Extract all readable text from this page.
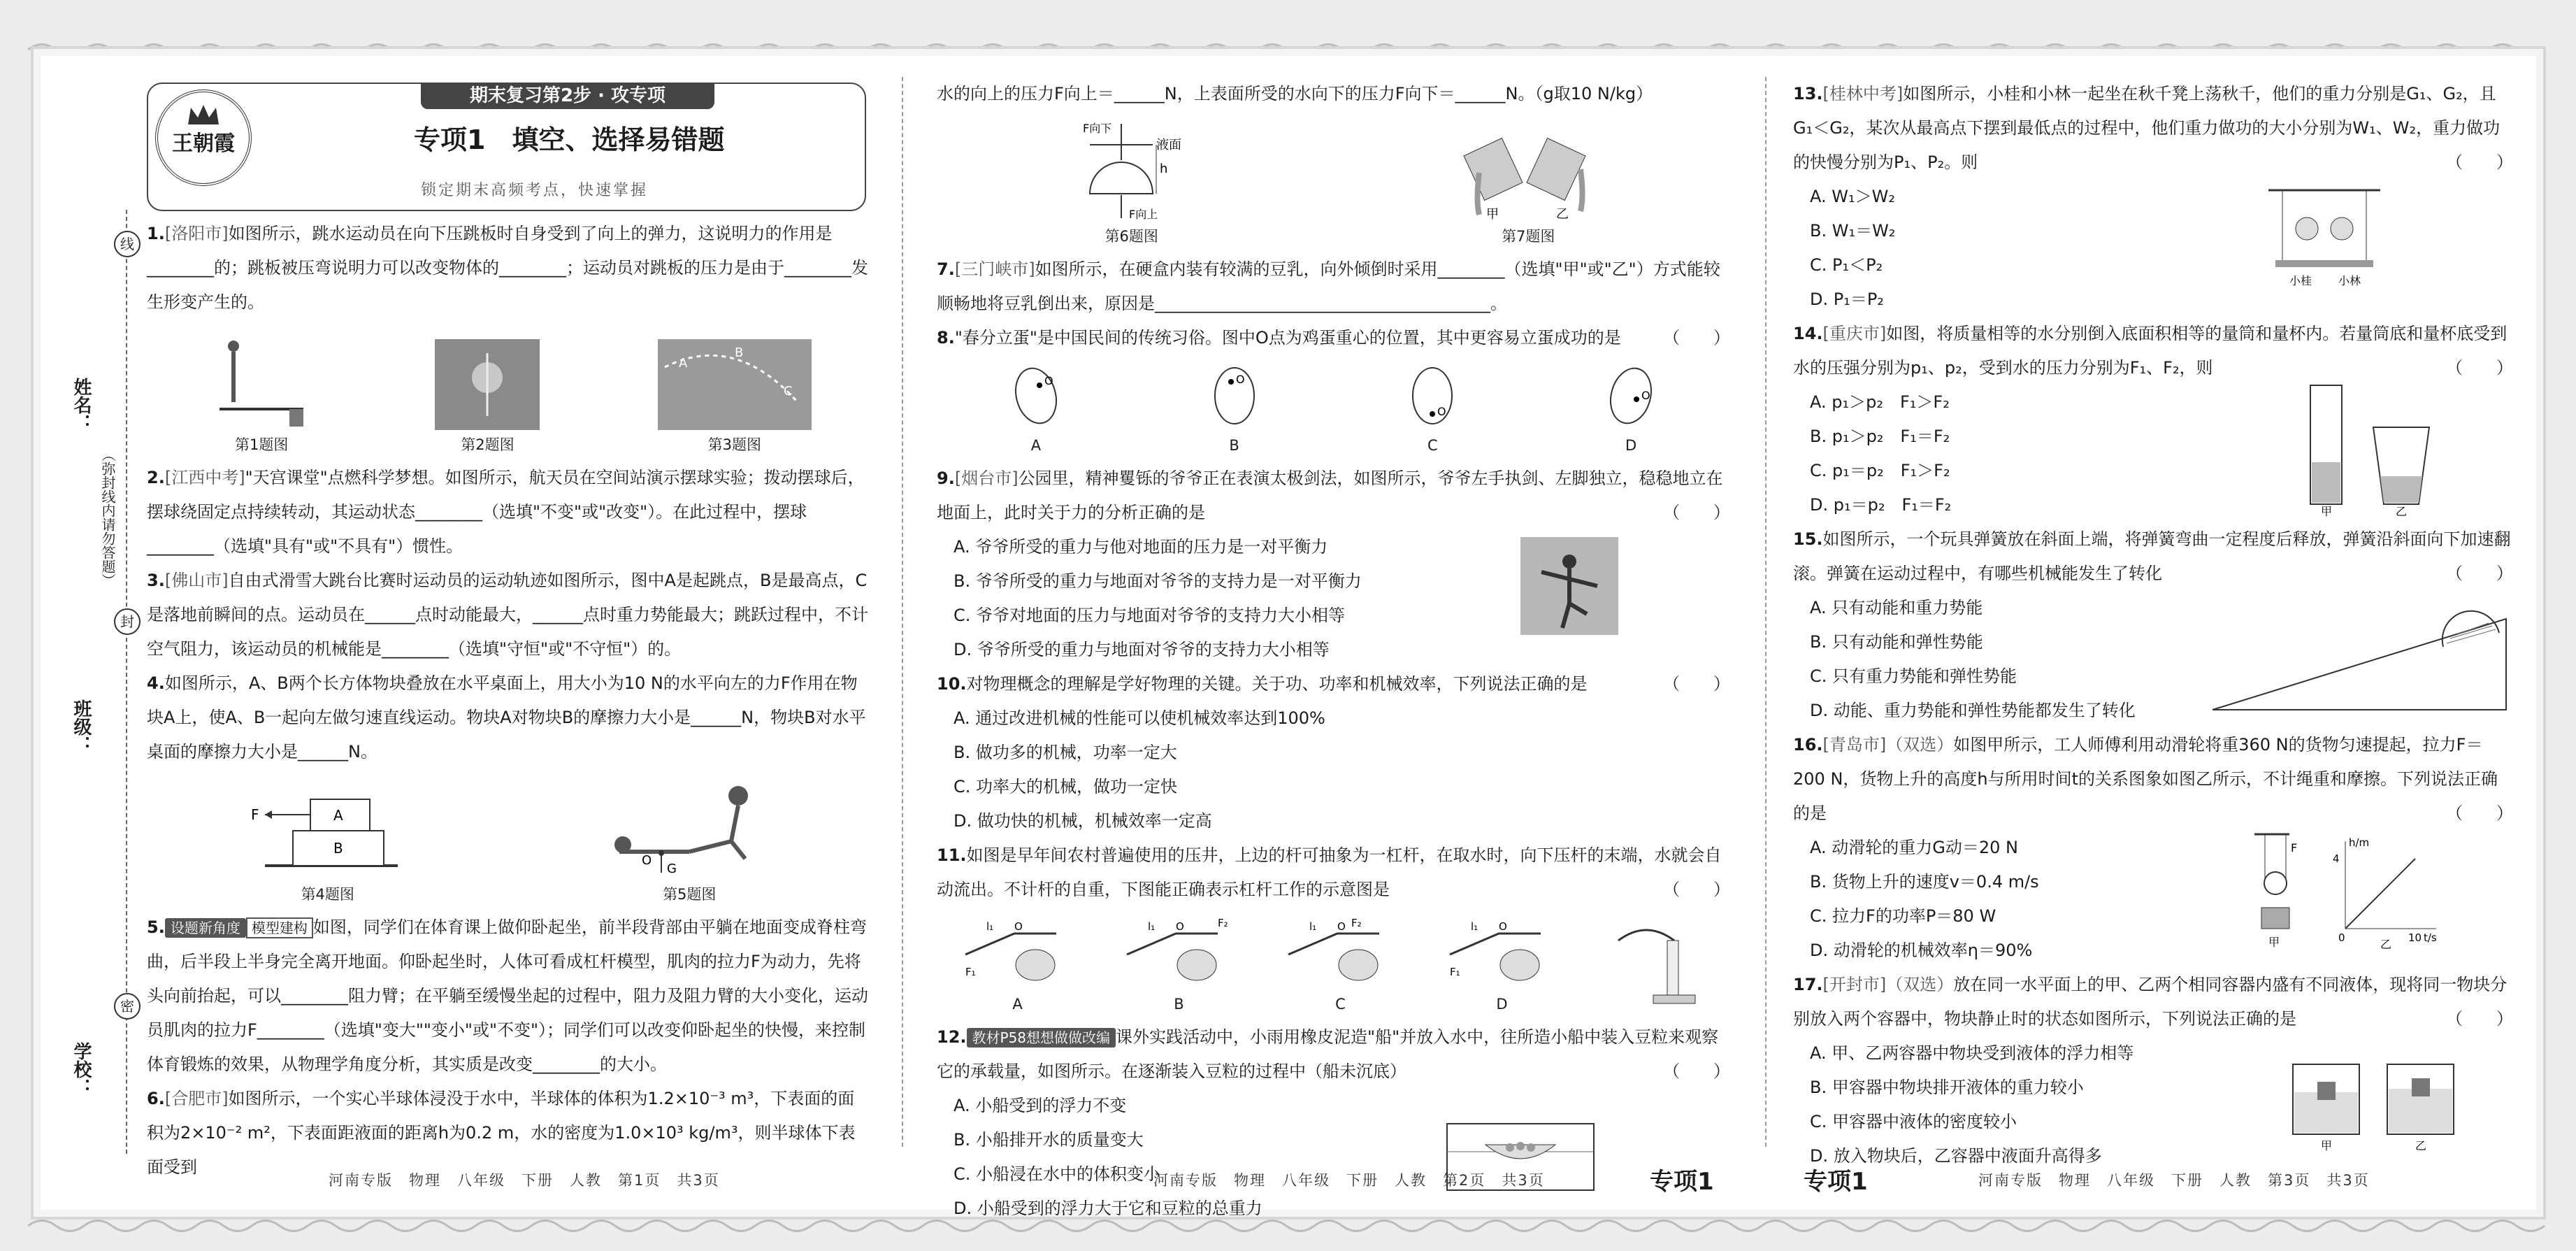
线
封
密
姓名：
（弥封线内请勿答题）
班级：
学校：
王朝霞
期末复习第2步 · 攻专项
专项1　填空、选择易错题
锁定期末高频考点，快速掌握

1.[洛阳市]如图所示，跳水运动员在向下压跳板时自身受到了向上的弹力，这说明力的作用是________的；跳板被压弯说明力可以改变物体的________；运动员对跳板的压力是由于________发生形变产生的。

第1题图	第2题图
A
B
C
第3题图

2.[江西中考]"天宫课堂"点燃科学梦想。如图所示，航天员在空间站演示摆球实验；拨动摆球后，摆球绕固定点持续转动，其运动状态________（选填"不变"或"改变"）。在此过程中，摆球________（选填"具有"或"不具有"）惯性。

3.[佛山市]自由式滑雪大跳台比赛时运动员的运动轨迹如图所示，图中A是起跳点，B是最高点，C是落地前瞬间的点。运动员在______点时动能最大，______点时重力势能最大；跳跃过程中，不计空气阻力，该运动员的机械能是________（选填"守恒"或"不守恒"）的。

4.如图所示，A、B两个长方体物块叠放在水平桌面上，用大小为10 N的水平向左的力F作用在物块A上，使A、B一起向左做匀速直线运动。物块A对物块B的摩擦力大小是______N，物块B对水平桌面的摩擦力大小是______N。

A
B
F
第4题图
G
O
第5题图

5. 设题新角度 模型建构 如图，同学们在体育课上做仰卧起坐，前半段背部由平躺在地面变成脊柱弯曲，后半段上半身完全离开地面。仰卧起坐时，人体可看成杠杆模型，肌肉的拉力F为动力，先将头向前抬起，可以________阻力臂；在平躺至缓慢坐起的过程中，阻力及阻力臂的大小变化，运动员肌肉的拉力F________（选填"变大""变小"或"不变"）；同学们可以改变仰卧起坐的快慢，来控制体育锻炼的效果，从物理学角度分析，其实质是改变________的大小。

6.[合肥市]如图所示，一个实心半球体浸没于水中，半球体的体积为1.2×10⁻³ m³，下表面的面积为2×10⁻² m²，下表面距液面的距离h为0.2 m，水的密度为1.0×10³ kg/m³，则半球体下表面受到

河南专版　物理　八年级　下册　人教　第1页　共3页

水的向上的压力F向上＝______N，上表面所受的水向下的压力F向下＝______N。（g取10 N/kg）

液面
h
F向下
F向上
第6题图
甲	乙
第7题图

7.[三门峡市]如图所示，在硬盒内装有较满的豆乳，向外倾倒时采用________（选填"甲"或"乙"）方式能较顺畅地将豆乳倒出来，原因是________________________________________。

8."春分立蛋"是中国民间的传统习俗。图中O点为鸡蛋重心的位置，其中更容易立蛋成功的是	（　　）

O
A
O
B
O
C
O
D

9.[烟台市]公园里，精神矍铄的爷爷正在表演太极剑法，如图所示，爷爷左手执剑、左脚独立，稳稳地立在地面上，此时关于力的分析正确的是	（　　）

A. 爷爷所受的重力与他对地面的压力是一对平衡力

B. 爷爷所受的重力与地面对爷爷的支持力是一对平衡力

C. 爷爷对地面的压力与地面对爷爷的支持力大小相等

D. 爷爷所受的重力与地面对爷爷的支持力大小相等

10.对物理概念的理解是学好物理的关键。关于功、功率和机械效率，下列说法正确的是	（　　）

A. 通过改进机械的性能可以使机械效率达到100%

B. 做功多的机械，功率一定大

C. 功率大的机械，做功一定快

D. 做功快的机械，机械效率一定高

11.如图是早年间农村普遍使用的压井，上边的杆可抽象为一杠杆，在取水时，向下压杆的末端，水就会自动流出。不计杆的自重，下图能正确表示杠杆工作的示意图是	（　　）

l₁ O
F₁
A
l₁ O	F₂
B
l₁ O F₂
C
l₁ O
F₁
D

12. 教材P58想想做做改编 课外实践活动中，小雨用橡皮泥造"船"并放入水中，往所造小船中装入豆粒来观察它的承载量，如图所示。在逐渐装入豆粒的过程中（船未沉底）	（　　）

A. 小船受到的浮力不变

B. 小船排开水的质量变大

C. 小船浸在水中的体积变小

D. 小船受到的浮力大于它和豆粒的总重力

河南专版　物理　八年级　下册　人教　第2页　共3页	专项1

13.[桂林中考]如图所示，小桂和小林一起坐在秋千凳上荡秋千，他们的重力分别是G₁、G₂，且G₁＜G₂，某次从最高点下摆到最低点的过程中，他们重力做功的大小分别为W₁、W₂，重力做功的快慢分别为P₁、P₂。则	（　　）

小桂 小林

A. W₁＞W₂

B. W₁＝W₂

C. P₁＜P₂

D. P₁＝P₂

14.[重庆市]如图，将质量相等的水分别倒入底面积相等的量筒和量杯内。若量筒底和量杯底受到水的压强分别为p₁、p₂，受到水的压力分别为F₁、F₂，则	（　　）

甲	乙

A. p₁＞p₂　F₁＞F₂

B. p₁＞p₂　F₁＝F₂

C. p₁＝p₂　F₁＞F₂

D. p₁＝p₂　F₁＝F₂

15.如图所示，一个玩具弹簧放在斜面上端，将弹簧弯曲一定程度后释放，弹簧沿斜面向下加速翻滚。弹簧在运动过程中，有哪些机械能发生了转化	（　　）

A. 只有动能和重力势能

B. 只有动能和弹性势能

C. 只有重力势能和弹性势能

D. 动能、重力势能和弹性势能都发生了转化

16.[青岛市]（双选）如图甲所示，工人师傅利用动滑轮将重360 N的货物匀速提起，拉力F＝200 N，货物上升的高度h与所用时间t的关系图象如图乙所示，不计绳重和摩擦。下列说法正确的是	（　　）

F
甲
h/m
4
0	10 t/s
乙

A. 动滑轮的重力G动＝20 N

B. 货物上升的速度v＝0.4 m/s

C. 拉力F的功率P＝80 W

D. 动滑轮的机械效率η＝90%

17.[开封市]（双选）放在同一水平面上的甲、乙两个相同容器内盛有不同液体，现将同一物块分别放入两个容器中，物块静止时的状态如图所示，下列说法正确的是	（　　）

甲	乙

A. 甲、乙两容器中物块受到液体的浮力相等

B. 甲容器中物块排开液体的重力较小

C. 甲容器中液体的密度较小

D. 放入物块后，乙容器中液面升高得多

专项1	河南专版　物理　八年级　下册　人教　第3页　共3页
